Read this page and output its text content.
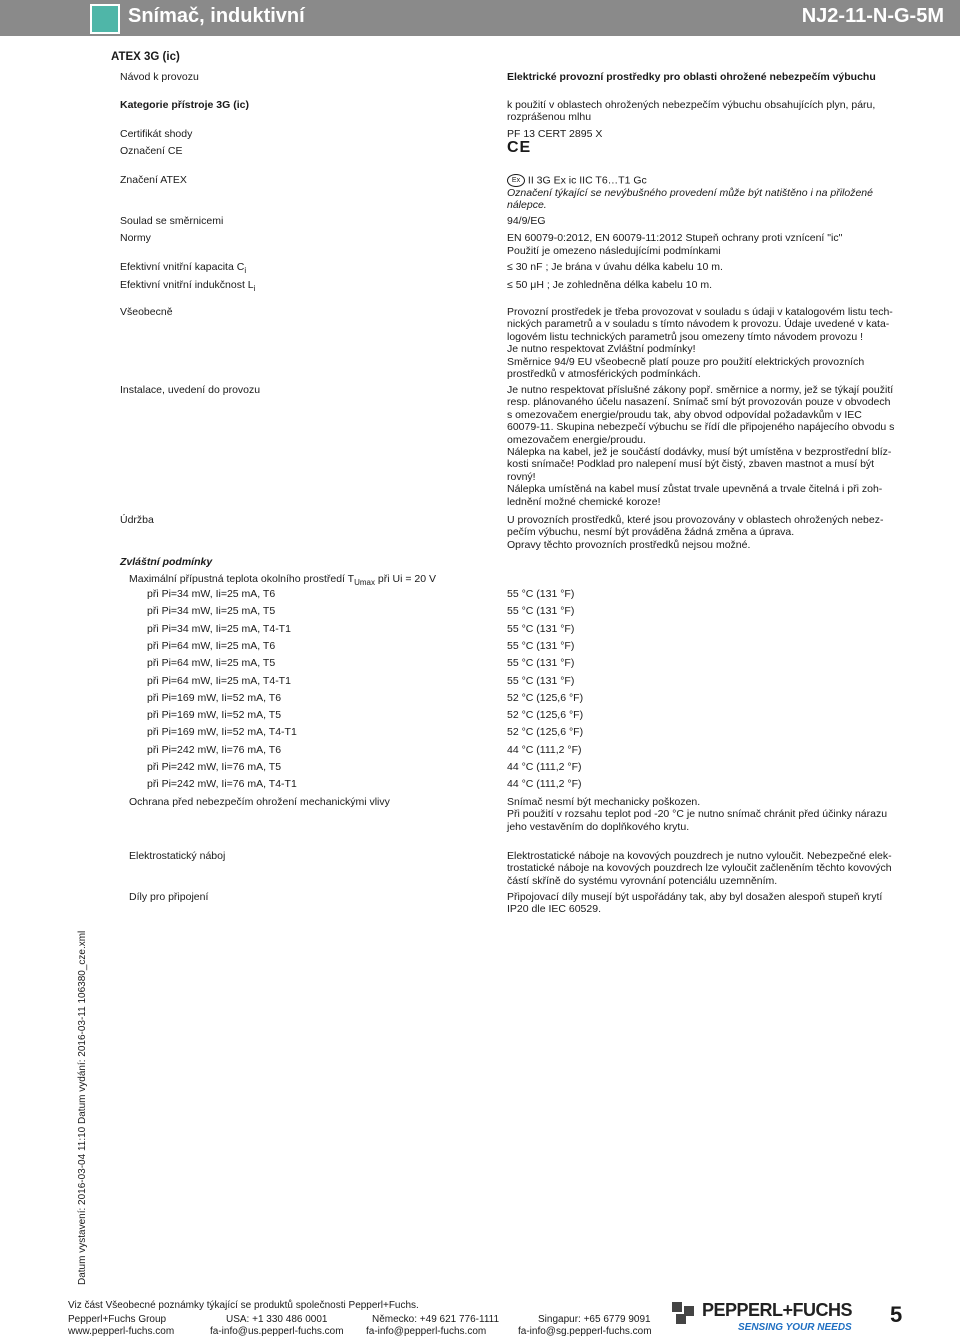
Snímač, induktivní	NJ2-11-N-G-5M
ATEX 3G (ic)
Návod k provozu	Elektrické provozní prostředky pro oblasti ohrožené nebezpečím výbuchu
Kategorie přístroje 3G (ic)	k použití v oblastech ohrožených nebezpečím výbuchu obsahujících plyn, páru, rozprášenou mlhu
Certifikát shody	PF 13 CERT 2895 X
Označení CE	CE
Značení ATEX	Ex II 3G Ex ic IIC T6…T1 Gc
Označení týkající se nevýbušného provedení může být natištěno i na přiložené nálepce.
Soulad se směrnicemi	94/9/EG
Normy	EN 60079-0:2012, EN 60079-11:2012 Stupeň ochrany proti vznícení "ic"
Použití je omezeno následujícími podmínkami
Efektivní vnitřní kapacita $C_i$	≤ 30 nF ; Je brána v úvahu délka kabelu 10 m.
Efektivní vnitřní indukčnost $L_i$	≤ 50 μH ; Je zohledněna délka kabelu 10 m.
Všeobecně	Provozní prostředek je třeba provozovat v souladu s údaji v katalogovém listu tech-
nických parametrů a v souladu s tímto návodem k provozu. Údaje uvedené v kata-
logovém listu technických parametrů jsou omezeny tímto návodem provozu !
Je nutno respektovat Zvláštní podmínky!
Směrnice 94/9 EU všeobecně platí pouze pro použití elektrických provozních
prostředků v atmosférických podmínkách.
Instalace, uvedení do provozu	Je nutno respektovat příslušné zákony popř. směrnice a normy, jež se týkají použití
resp. plánovaného účelu nasazení. Snímač smí být provozován pouze v obvodech
s omezovačem energie/proudu tak, aby obvod odpovídal požadavkům v IEC
60079-11. Skupina nebezpečí výbuchu se řídí dle připojeného napájecího obvodu s
omezovačem energie/proudu.
Nálepka na kabel, jež je součástí dodávky, musí být umístěna v bezprostřední blíz-
kosti snímače! Podklad pro nalepení musí být čistý, zbaven mastnot a musí být
rovný!
Nálepka umístěná na kabel musí zůstat trvale upevněná a trvale čitelná i při zoh-
lednění možné chemické koroze!
Údržba	U provozních prostředků, které jsou provozovány v oblastech ohrožených nebez-
pečím výbuchu, nesmí být prováděna žádná změna a úprava.
Opravy těchto provozních prostředků nejsou možné.
Zvláštní podmínky
Maximální přípustná teplota okolního prostředí $T_{Umax}$ při Ui = 20 V
při Pi=34 mW, Ii=25 mA, T6	55 °C (131 °F)
při Pi=34 mW, Ii=25 mA, T5	55 °C (131 °F)
při Pi=34 mW, Ii=25 mA, T4-T1	55 °C (131 °F)
při Pi=64 mW, Ii=25 mA, T6	55 °C (131 °F)
při Pi=64 mW, Ii=25 mA, T5	55 °C (131 °F)
při Pi=64 mW, Ii=25 mA, T4-T1	55 °C (131 °F)
při Pi=169 mW, Ii=52 mA, T6	52 °C (125,6 °F)
při Pi=169 mW, Ii=52 mA, T5	52 °C (125,6 °F)
při Pi=169 mW, Ii=52 mA, T4-T1	52 °C (125,6 °F)
při Pi=242 mW, Ii=76 mA, T6	44 °C (111,2 °F)
při Pi=242 mW, Ii=76 mA, T5	44 °C (111,2 °F)
při Pi=242 mW, Ii=76 mA, T4-T1	44 °C (111,2 °F)
Ochrana před nebezpečím ohrožení mechanickými vlivy	Snímač nesmí být mechanicky poškozen.
Při použití v rozsahu teplot pod -20 °C je nutno snímač chránit před účinky nárazu
jeho vestavěním do doplňkového krytu.
Elektrostatický náboj	Elektrostatické náboje na kovových pouzdrech je nutno vyloučit. Nebezpečné elek-
trostatické náboje na kovových pouzdrech lze vyloučit začleněním těchto kovových
částí skříně do systému vyrovnání potenciálu uzemněním.
Díly pro připojení	Připojovací díly musejí být uspořádány tak, aby byl dosažen alespoň stupeň krytí
IP20 dle IEC 60529.
Datum vystavení: 2016-03-04 11:10 Datum vydání: 2016-03-11 106380_cze.xml
Viz část Všeobecné poznámky týkající se produktů společnosti Pepperl+Fuchs.
Pepperl+Fuchs Group
www.pepperl-fuchs.com
USA: +1 330 486 0001
fa-info@us.pepperl-fuchs.com
Německo: +49 621 776-1111
fa-info@pepperl-fuchs.com
Singapur: +65 6779 9091
fa-info@sg.pepperl-fuchs.com
PEPPERL+FUCHS
SENSING YOUR NEEDS
5
